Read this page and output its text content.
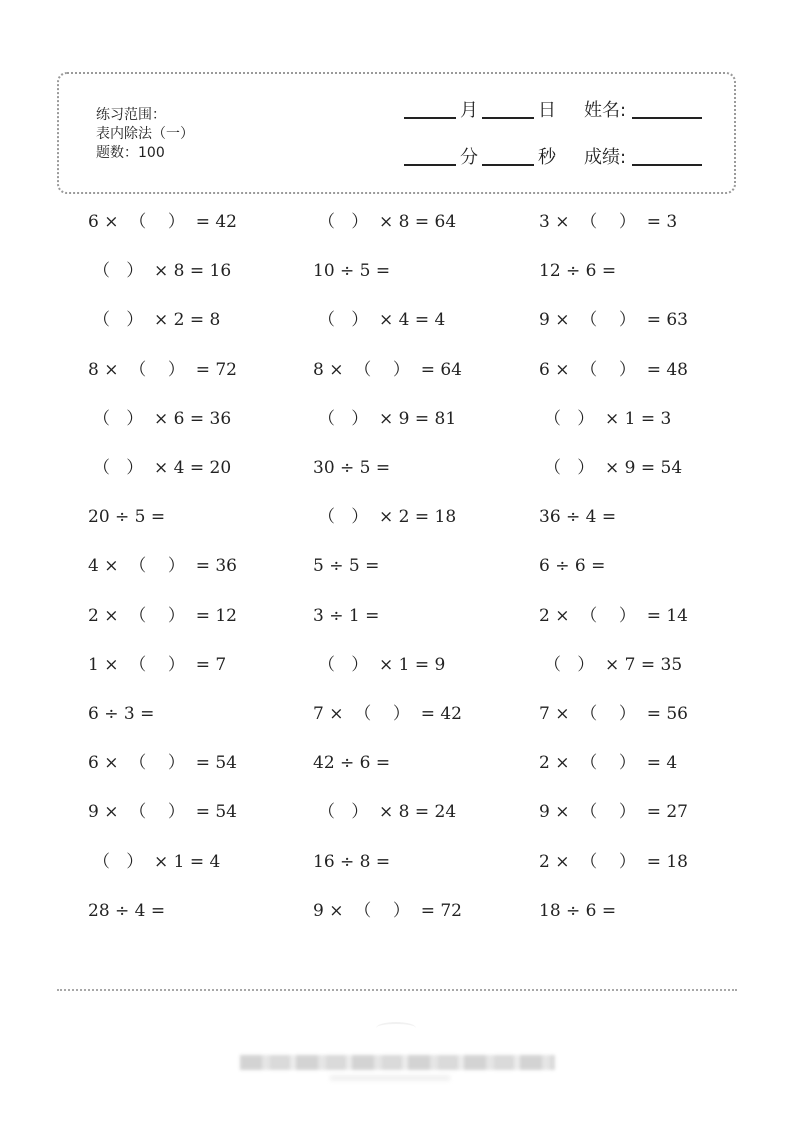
练习范围：
表内除法（一）
题数：100
月	日 姓名:
分	秒 成绩:
6 ×  （    ）  = 42
（   ）  × 8 = 16
（   ）  × 2 = 8
8 ×  （    ）  = 72
（   ）  × 6 = 36
（   ）  × 4 = 20
20 ÷ 5 =
4 ×  （    ）  = 36
2 ×  （    ）  = 12
1 ×  （    ）  = 7
6 ÷ 3 =
6 ×  （    ）  = 54
9 ×  （    ）  = 54
（   ）  × 1 = 4
28 ÷ 4 =
（   ）  × 8 = 64
10 ÷ 5 =
（   ）  × 4 = 4
8 ×  （    ）  = 64
（   ）  × 9 = 81
30 ÷ 5 =
（   ）  × 2 = 18
5 ÷ 5 =
3 ÷ 1 =
（   ）  × 1 = 9
7 ×  （    ）  = 42
42 ÷ 6 =
（   ）  × 8 = 24
16 ÷ 8 =
9 ×  （    ）  = 72
3 ×  （    ）  = 3
12 ÷ 6 =
9 ×  （    ）  = 63
6 ×  （    ）  = 48
（   ）  × 1 = 3
（   ）  × 9 = 54
36 ÷ 4 =
6 ÷ 6 =
2 ×  （    ）  = 14
（   ）  × 7 = 35
7 ×  （    ）  = 56
2 ×  （    ）  = 4
9 ×  （    ）  = 27
2 ×  （    ）  = 18
18 ÷ 6 =
